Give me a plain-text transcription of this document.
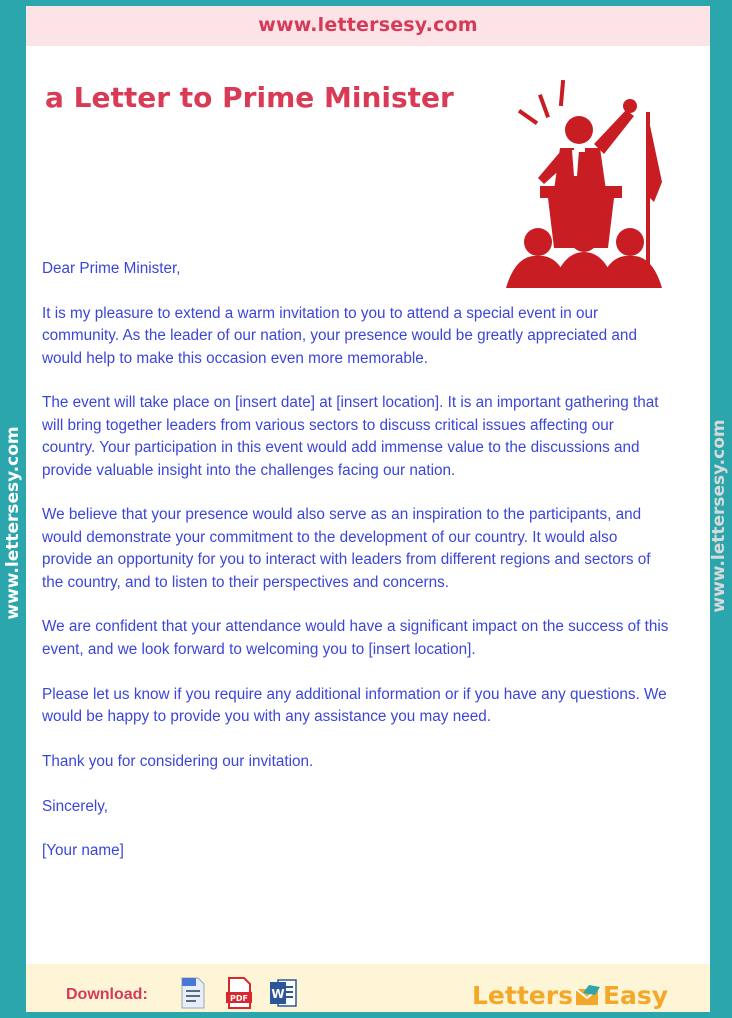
www.lettersesy.com
www.lettersesy.com
a Letter to Prime Minister

Dear Prime Minister,

It is my pleasure to extend a warm invitation to you to attend a special event in our community. As the leader of our nation, your presence would be greatly appreciated and would help to make this occasion even more memorable.

The event will take place on [insert date] at [insert location]. It is an important gathering that will bring together leaders from various sectors to discuss critical issues affecting our country. Your participation in this event would add immense value to the discussions and provide valuable insight into the challenges facing our nation.

We believe that your presence would also serve as an inspiration to the participants, and would demonstrate your commitment to the development of our country. It would also provide an opportunity for you to interact with leaders from different regions and sectors of the country, and to listen to their perspectives and concerns.

We are confident that your attendance would have a significant impact on the success of this event, and we look forward to welcoming you to [insert location].

Please let us know if you require any additional information or if you have any questions. We would be happy to provide you with any assistance you may need.

Thank you for considering our invitation.

Sincerely,

[Your name]

www.lettersesy.com
Download:	PDF W	Letters Easy
